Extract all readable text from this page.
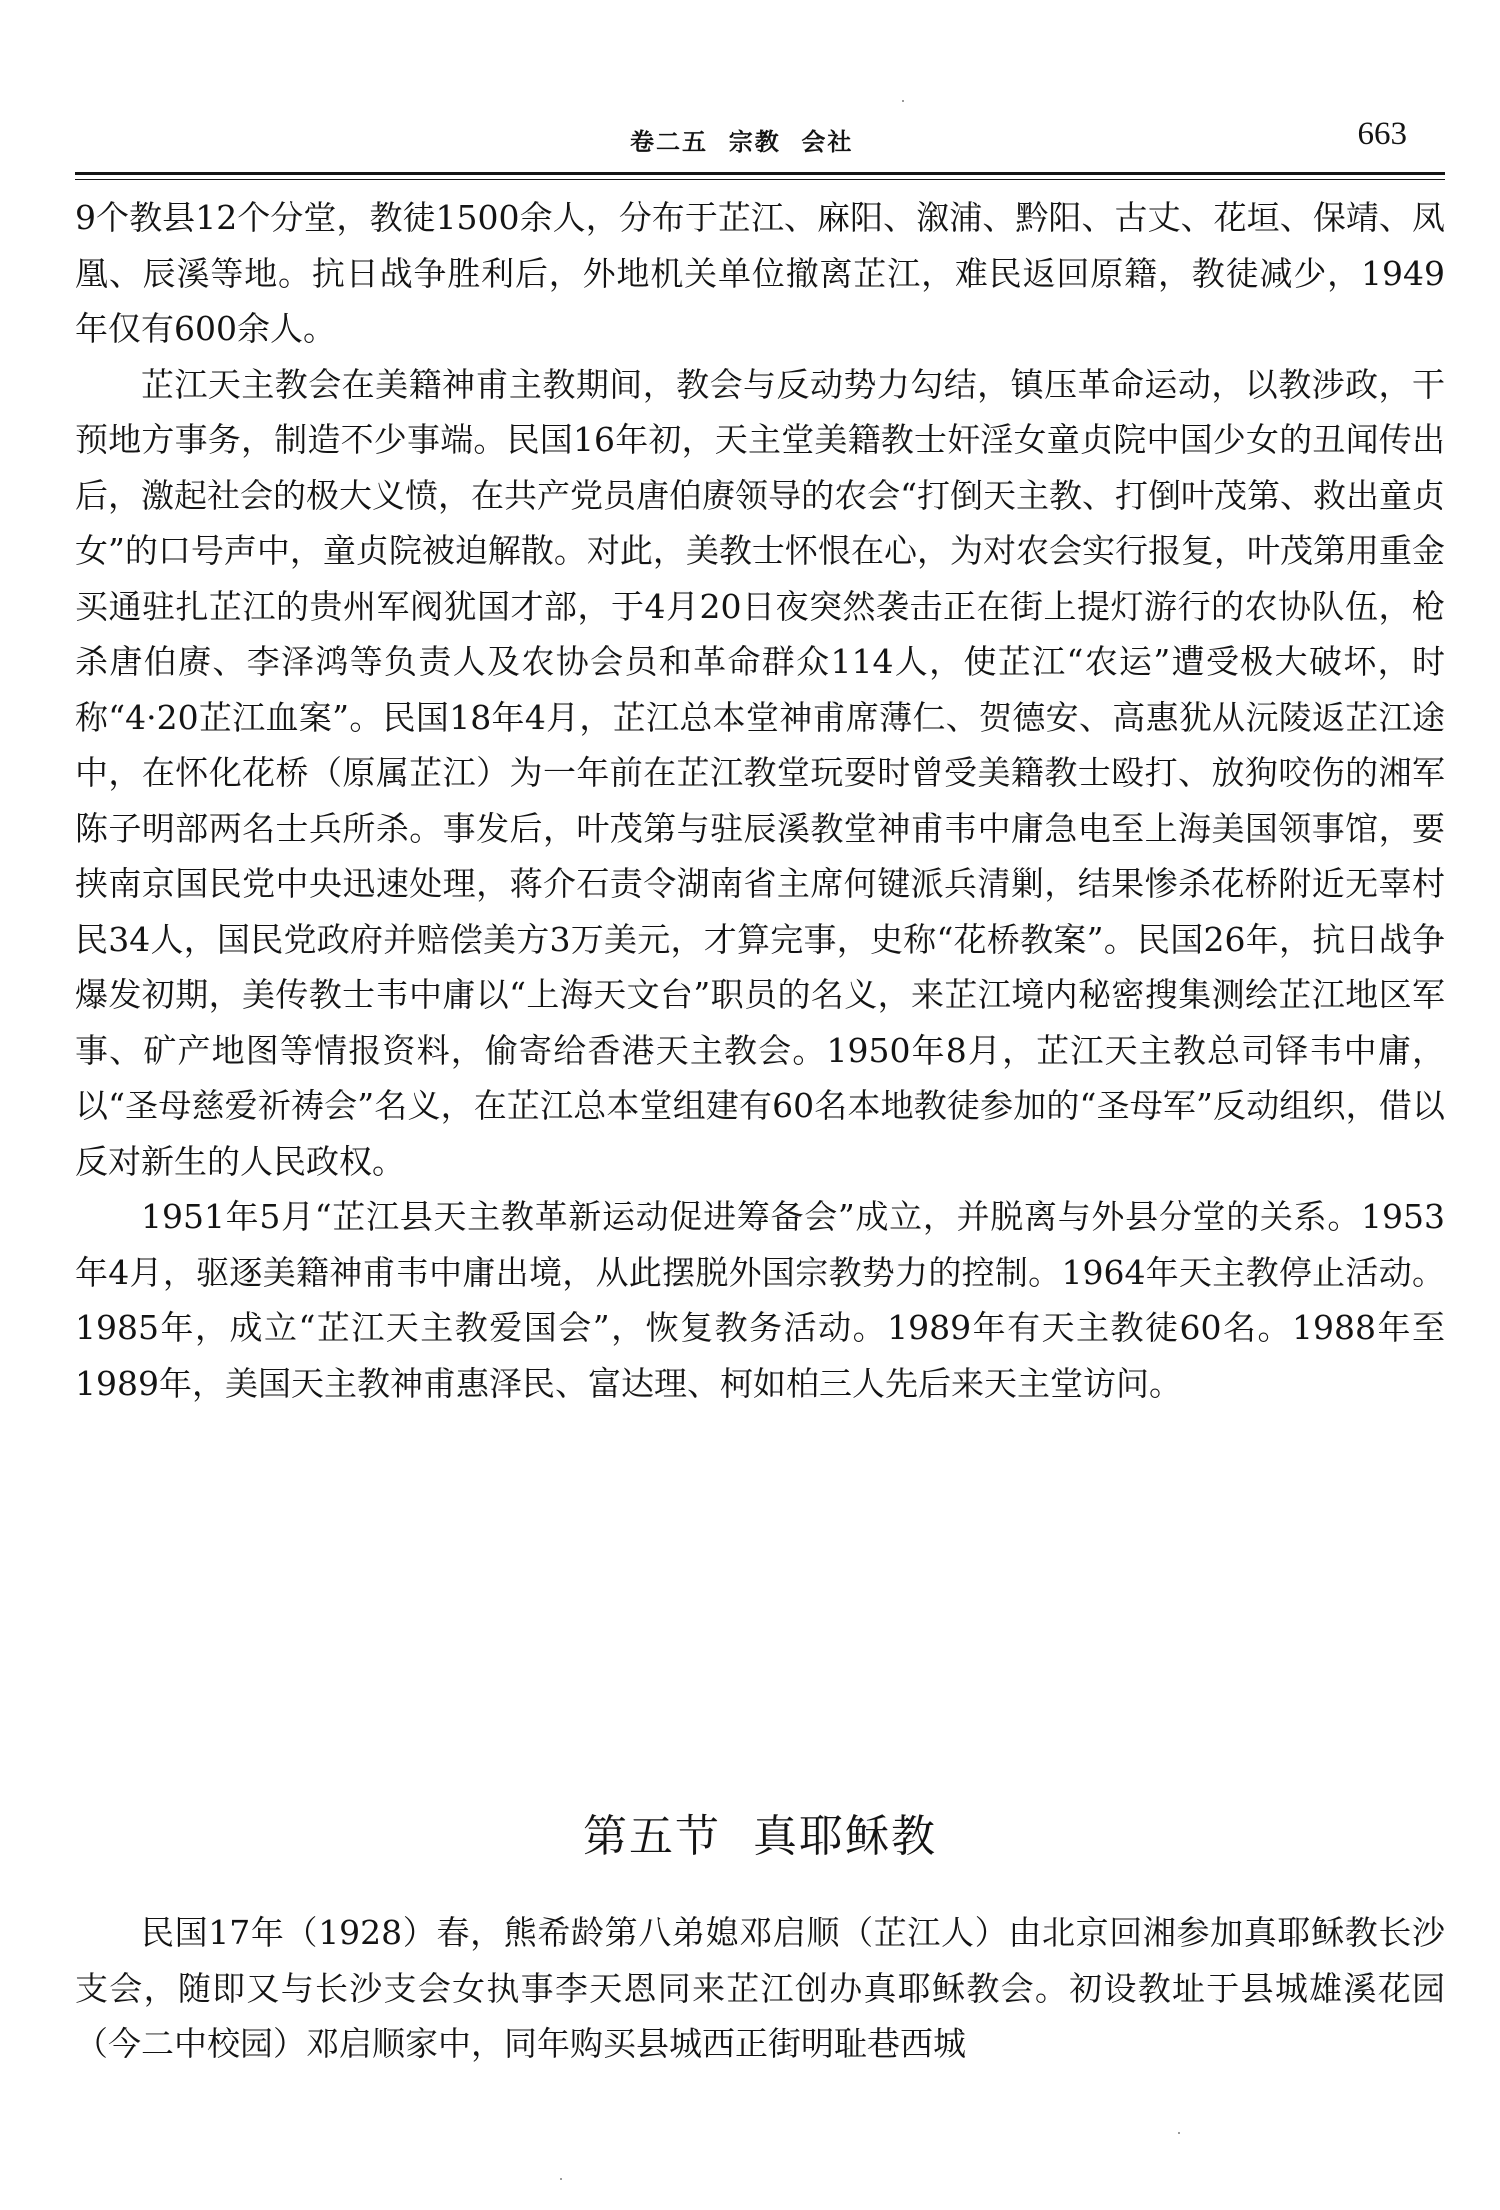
卷二五  宗教  会社	663

9个教县12个分堂，教徒1500余人，分布于芷江、麻阳、溆浦、黔阳、古丈、花垣、保靖、凤凰、辰溪等地。抗日战争胜利后，外地机关单位撤离芷江，难民返回原籍，教徒减少，1949年仅有600余人。

芷江天主教会在美籍神甫主教期间，教会与反动势力勾结，镇压革命运动，以教涉政，干预地方事务，制造不少事端。民国16年初，天主堂美籍教士奸淫女童贞院中国少女的丑闻传出后，激起社会的极大义愤，在共产党员唐伯赓领导的农会“打倒天主教、打倒叶茂第、救出童贞女”的口号声中，童贞院被迫解散。对此，美教士怀恨在心，为对农会实行报复，叶茂第用重金买通驻扎芷江的贵州军阀犹国才部，于4月20日夜突然袭击正在街上提灯游行的农协队伍，枪杀唐伯赓、李泽鸿等负责人及农协会员和革命群众114人，使芷江“农运”遭受极大破坏，时称“4·20芷江血案”。民国18年4月，芷江总本堂神甫席薄仁、贺德安、高惠犹从沅陵返芷江途中，在怀化花桥（原属芷江）为一年前在芷江教堂玩耍时曾受美籍教士殴打、放狗咬伤的湘军陈子明部两名士兵所杀。事发后，叶茂第与驻辰溪教堂神甫韦中庸急电至上海美国领事馆，要挟南京国民党中央迅速处理，蒋介石责令湖南省主席何键派兵清剿，结果惨杀花桥附近无辜村民34人，国民党政府并赔偿美方3万美元，才算完事，史称“花桥教案”。民国26年，抗日战争爆发初期，美传教士韦中庸以“上海天文台”职员的名义，来芷江境内秘密搜集测绘芷江地区军事、矿产地图等情报资料，偷寄给香港天主教会。1950年8月，芷江天主教总司铎韦中庸，以“圣母慈爱祈祷会”名义，在芷江总本堂组建有60名本地教徒参加的“圣母军”反动组织，借以反对新生的人民政权。

1951年5月“芷江县天主教革新运动促进筹备会”成立，并脱离与外县分堂的关系。1953年4月，驱逐美籍神甫韦中庸出境，从此摆脱外国宗教势力的控制。1964年天主教停止活动。1985年，成立“芷江天主教爱国会”，恢复教务活动。1989年有天主教徒60名。1988年至1989年，美国天主教神甫惠泽民、富达理、柯如柏三人先后来天主堂访问。

第五节  真耶稣教

民国17年（1928）春，熊希龄第八弟媳邓启顺（芷江人）由北京回湘参加真耶稣教长沙支会，随即又与长沙支会女执事李天恩同来芷江创办真耶稣教会。初设教址于县城雄溪花园（今二中校园）邓启顺家中，同年购买县城西正街明耻巷西城
